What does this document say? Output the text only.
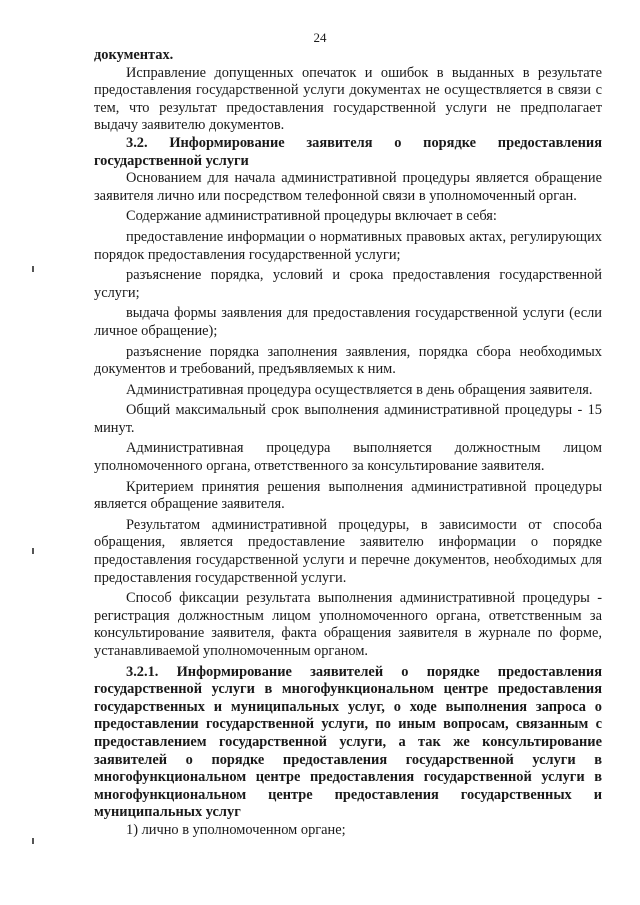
24

документах.

Исправление допущенных опечаток и ошибок в выданных в результате предоставления государственной услуги документах не осуществляется в связи с тем, что результат предоставления государственной услуги не предполагает выдачу заявителю документов.

3.2. Информирование заявителя о порядке предоставления государственной услуги

Основанием для начала административной процедуры является обращение заявителя лично или посредством телефонной связи в уполномоченный орган.

Содержание административной процедуры включает в себя:

предоставление информации о нормативных правовых актах, регулирующих порядок предоставления государственной услуги;

разъяснение порядка, условий и срока предоставления государственной услуги;

выдача формы заявления для предоставления государственной услуги (если личное обращение);

разъяснение порядка заполнения заявления, порядка сбора необходимых документов и требований, предъявляемых к ним.

Административная процедура осуществляется в день обращения заявителя.

Общий максимальный срок выполнения административной процедуры - 15 минут.

Административная процедура выполняется должностным лицом уполномоченного органа, ответственного за консультирование заявителя.

Критерием принятия решения выполнения административной процедуры является обращение заявителя.

Результатом административной процедуры, в зависимости от способа обращения, является предоставление заявителю информации о порядке предоставления государственной услуги и перечне документов, необходимых для предоставления государственной услуги.

Способ фиксации результата выполнения административной процедуры - регистрация должностным лицом уполномоченного органа, ответственным за консультирование заявителя, факта обращения заявителя в журнале по форме, устанавливаемой уполномоченным органом.

3.2.1. Информирование заявителей о порядке предоставления государственной услуги в многофункциональном центре предоставления государственных и муниципальных услуг, о ходе выполнения запроса о предоставлении государственной услуги, по иным вопросам, связанным с предоставлением государственной услуги, а так же консультирование заявителей о порядке предоставления государственной услуги в многофункциональном центре предоставления государственной услуги в многофункциональном центре предоставления государственных и муниципальных услуг

1) лично в уполномоченном органе;
